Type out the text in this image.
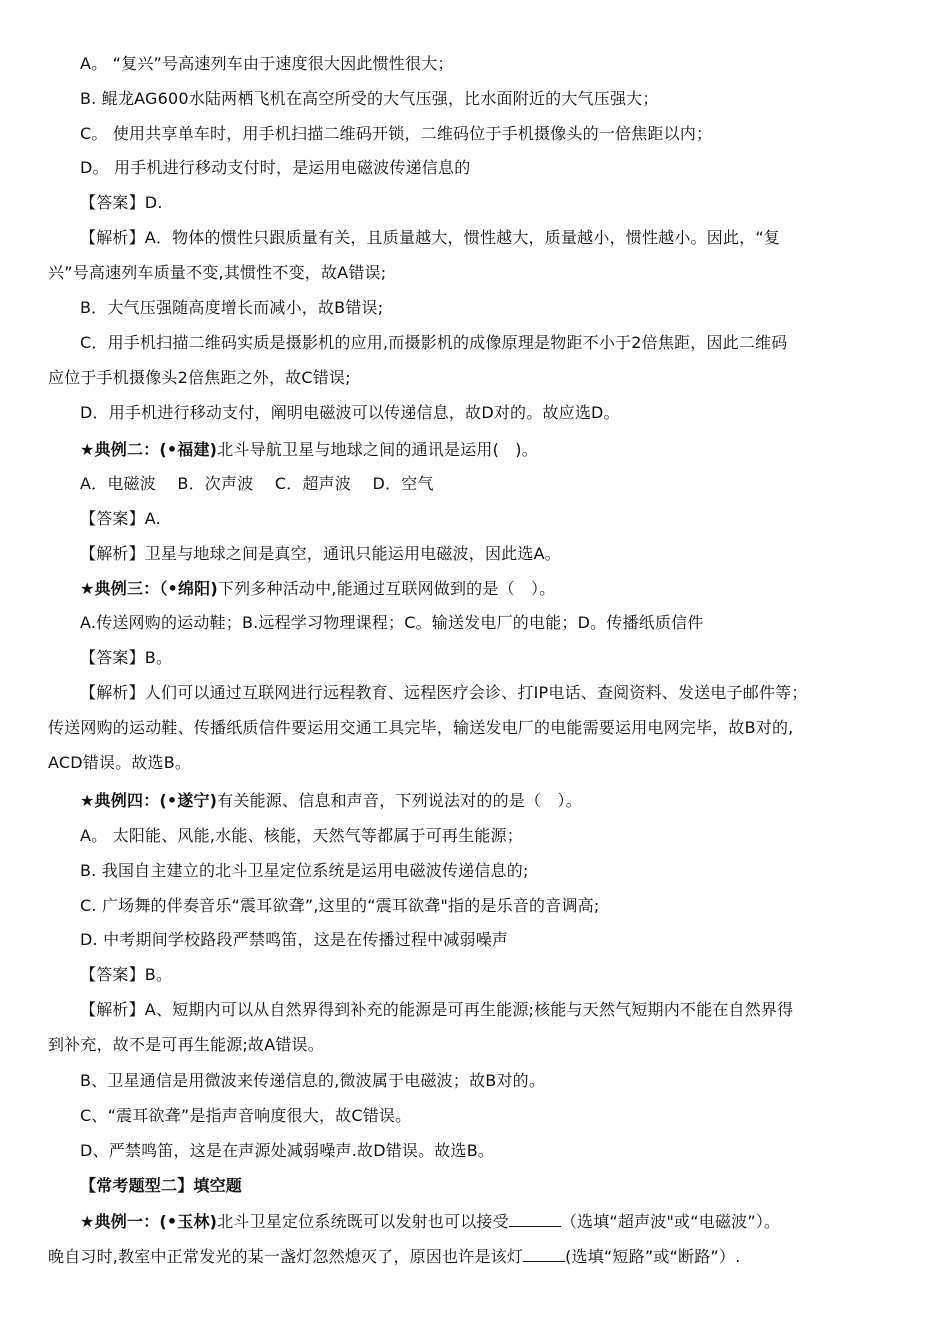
A。 “复兴”号高速列车由于速度很大因此惯性很大；
B. 鲲龙AG600水陆两栖飞机在高空所受的大气压强，比水面附近的大气压强大；
C。 使用共享单车时，用手机扫描二维码开锁，二维码位于手机摄像头的一倍焦距以内；
D。 用手机进行移动支付时，是运用电磁波传递信息的
【答案】D.
【解析】A．物体的惯性只跟质量有关，且质量越大，惯性越大，质量越小，惯性越小。因此，“复
兴”号高速列车质量不变,其惯性不变，故A错误;
B．大气压强随高度增长而减小，故B错误;
C．用手机扫描二维码实质是摄影机的应用,而摄影机的成像原理是物距不小于2倍焦距，因此二维码
应位于手机摄像头2倍焦距之外，故C错误;
D．用手机进行移动支付，阐明电磁波可以传递信息，故D对的。故应选D。
★典例二：(•福建)北斗导航卫星与地球之间的通讯是运用(　)。
A．电磁波　 B．次声波　 C．超声波　 D．空气
【答案】A.
【解析】卫星与地球之间是真空，通讯只能运用电磁波，因此选A。
★典例三：（•绵阳)下列多种活动中,能通过互联网做到的是（　）。
A.传送网购的运动鞋；B.远程学习物理课程；C。输送发电厂的电能；D。传播纸质信件
【答案】B。
【解析】人们可以通过互联网进行远程教育、远程医疗会诊、打IP电话、查阅资料、发送电子邮件等；
传送网购的运动鞋、传播纸质信件要运用交通工具完毕，输送发电厂的电能需要运用电网完毕，故B对的,
ACD错误。故选B。
★典例四：(•遂宁)有关能源、信息和声音，下列说法对的的是（　）。
A。 太阳能、风能,水能、核能，天然气等都属于可再生能源；
B. 我国自主建立的北斗卫星定位系统是运用电磁波传递信息的;
C. 广场舞的伴奏音乐“震耳欲聋”,这里的“震耳欲聋"指的是乐音的音调高;
D. 中考期间学校路段严禁鸣笛，这是在传播过程中减弱噪声
【答案】B。
【解析】A、短期内可以从自然界得到补充的能源是可再生能源;核能与天然气短期内不能在自然界得
到补充，故不是可再生能源;故A错误。
B、卫星通信是用微波来传递信息的,微波属于电磁波；故B对的。
C、“震耳欲聋”是指声音响度很大，故C错误。
D、严禁鸣笛，这是在声源处减弱噪声.故D错误。故选B。
【常考题型二】填空题
★典例一：(•玉林)北斗卫星定位系统既可以发射也可以接受	（选填“超声波"或“电磁波”）。
晚自习时,教室中正常发光的某一盏灯忽然熄灭了，原因也许是该灯	(选填“短路”或“断路”）.
